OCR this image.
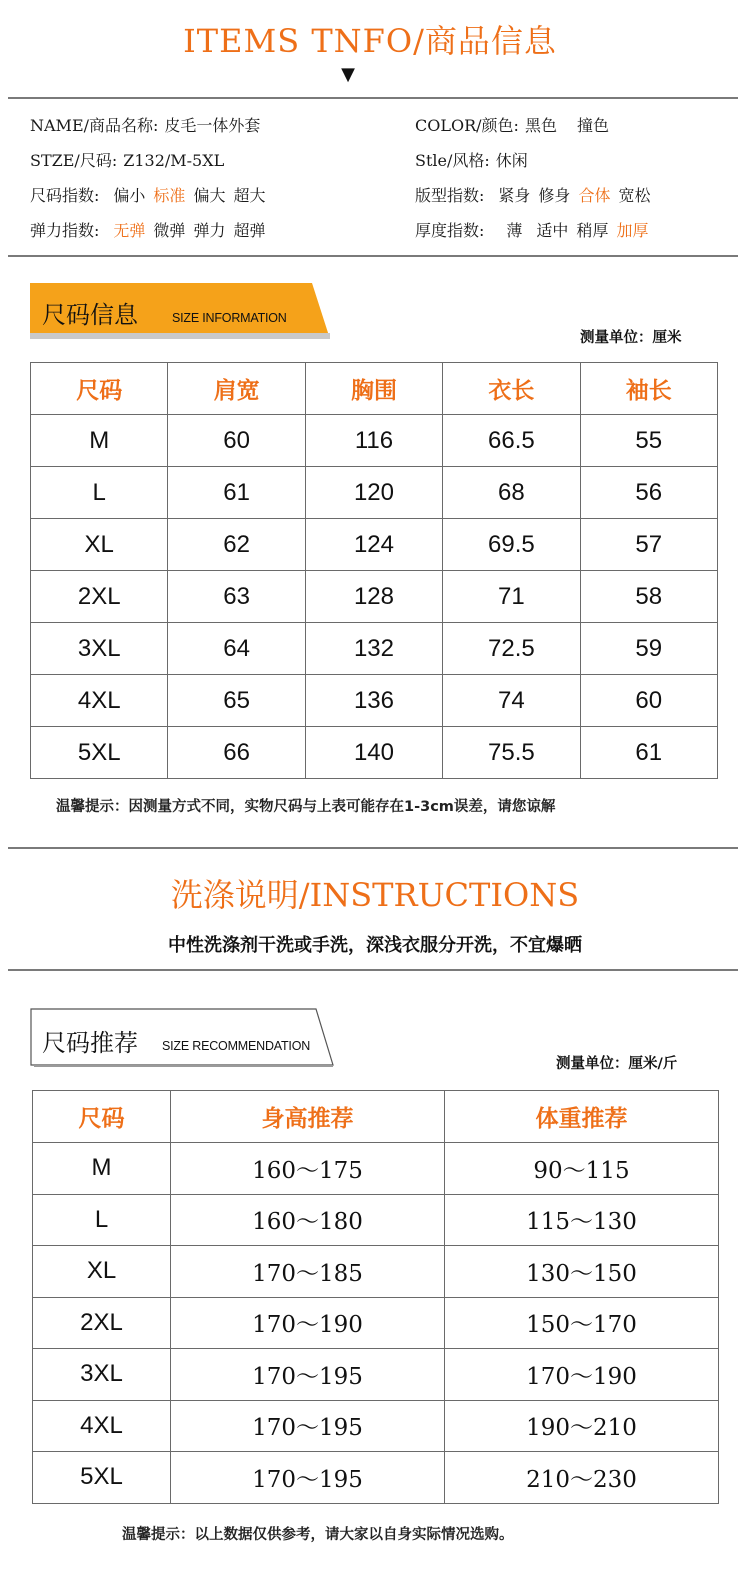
ITEMS TNFO/商品信息
▼
NAME/商品名称: 皮毛一体外套	COLOR/颜色: 黑色 撞色
STZE/尺码: Z132/M-5XL	Stle/风格: 休闲
尺码指数: 偏小 标准 偏大 超大	版型指数: 紧身 修身 合体 宽松
弹力指数: 无弹 微弹 弹力 超弹	厚度指数: 薄 适中 稍厚 加厚
尺码信息	SIZE INFORMATION
测量单位：厘米
尺码	肩宽	胸围	衣长	袖长
M	60	116	66.5	55
L	61	120	68	56
XL	62	124	69.5	57
2XL	63	128	71	58
3XL	64	132	72.5	59
4XL	65	136	74	60
5XL	66	140	75.5	61
温馨提示：因测量方式不同，实物尺码与上表可能存在1-3cm误差，请您谅解
洗涤说明/INSTRUCTIONS
中性洗涤剂干洗或手洗，深浅衣服分开洗，不宜爆晒
尺码推荐 SIZE RECOMMENDATION
测量单位：厘米/斤
尺码	身高推荐	体重推荐
M	160～175	90～115
L	160～180	115～130
XL	170～185	130～150
2XL	170～190	150～170
3XL	170～195	170～190
4XL	170～195	190～210
5XL	170～195	210～230
温馨提示：以上数据仅供参考，请大家以自身实际情况选购。
